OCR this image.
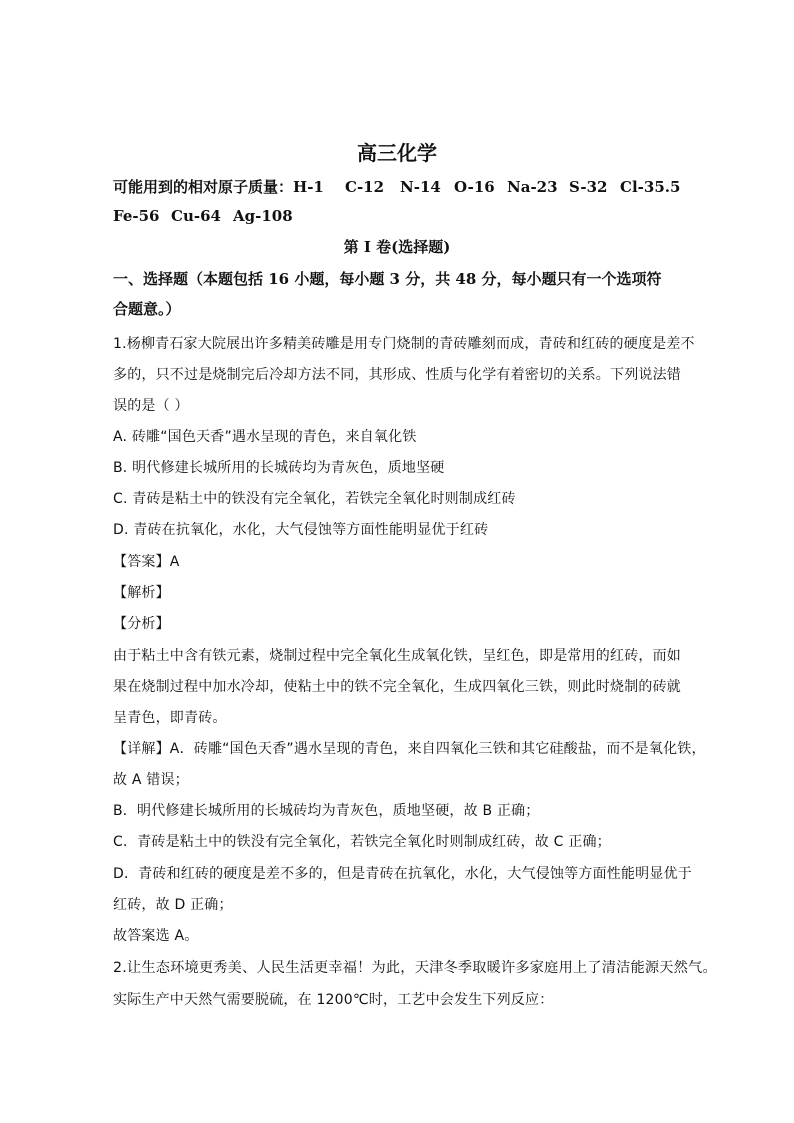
高三化学
可能用到的相对原子质量：H-1 C-12 N-14 O-16 Na-23 S-32 Cl-35.5
Fe-56 Cu-64 Ag-108
第 I 卷(选择题)
一、选择题（本题包括 16 小题，每小题 3 分，共 48 分，每小题只有一个选项符
合题意。）
1.杨柳青石家大院展出许多精美砖雕是用专门烧制的青砖雕刻而成，青砖和红砖的硬度是差不
多的，只不过是烧制完后冷却方法不同，其形成、性质与化学有着密切的关系。下列说法错
误的是（ ）
A. 砖雕“国色天香”遇水呈现的青色，来自氧化铁
B. 明代修建长城所用的长城砖均为青灰色，质地坚硬
C. 青砖是粘土中的铁没有完全氧化，若铁完全氧化时则制成红砖
D. 青砖在抗氧化，水化，大气侵蚀等方面性能明显优于红砖
【答案】A
【解析】
【分析】
由于粘土中含有铁元素，烧制过程中完全氧化生成氧化铁，呈红色，即是常用的红砖，而如
果在烧制过程中加水冷却，使粘土中的铁不完全氧化，生成四氧化三铁，则此时烧制的砖就
呈青色，即青砖。
【详解】A．砖雕“国色天香”遇水呈现的青色，来自四氧化三铁和其它硅酸盐，而不是氧化铁，
故 A 错误；
B．明代修建长城所用的长城砖均为青灰色，质地坚硬，故 B 正确；
C．青砖是粘土中的铁没有完全氧化，若铁完全氧化时则制成红砖，故 C 正确；
D．青砖和红砖的硬度是差不多的，但是青砖在抗氧化，水化，大气侵蚀等方面性能明显优于
红砖，故 D 正确；
故答案选 A。
2.让生态环境更秀美、人民生活更幸福！为此，天津冬季取暖许多家庭用上了清洁能源天然气。
实际生产中天然气需要脱硫，在 1200℃时，工艺中会发生下列反应：
